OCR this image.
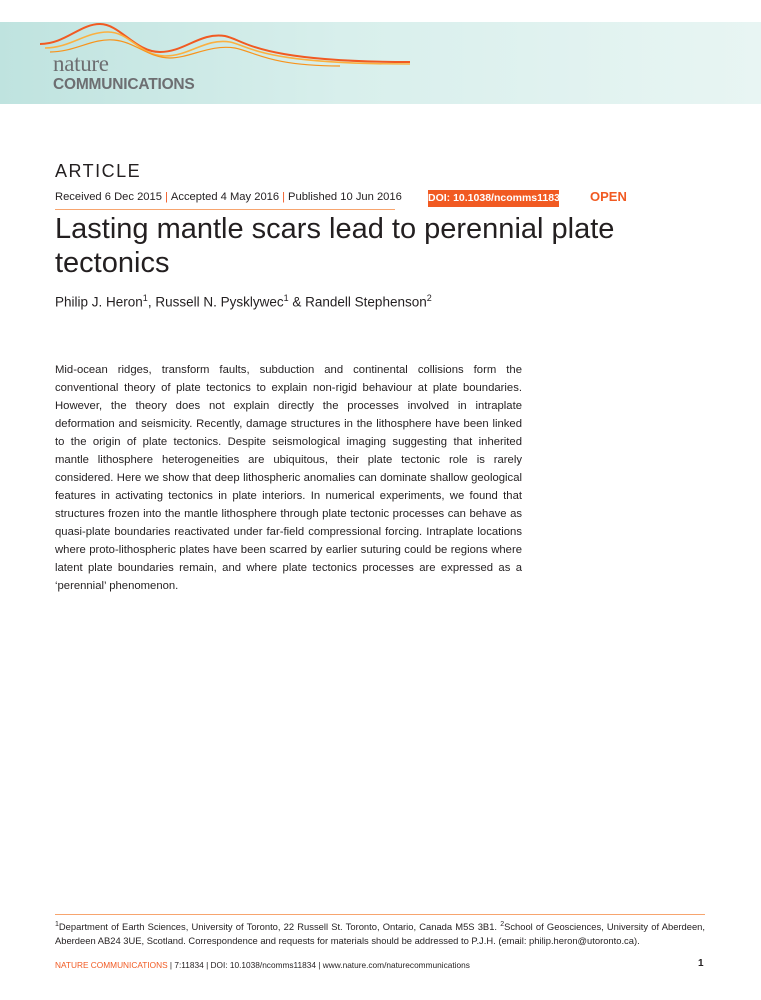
nature
COMMUNICATIONS
ARTICLE
Received 6 Dec 2015 | Accepted 4 May 2016 | Published 10 Jun 2016 DOI: 10.1038/ncomms11834 OPEN
Lasting mantle scars lead to perennial plate tectonics
Philip J. Heron$^1$, Russell N. Pysklywec$^1$ & Randell Stephenson$^2$

Mid-ocean ridges, transform faults, subduction and continental collisions form the conventional theory of plate tectonics to explain non-rigid behaviour at plate boundaries. However, the theory does not explain directly the processes involved in intraplate deformation and seismicity. Recently, damage structures in the lithosphere have been linked to the origin of plate tectonics. Despite seismological imaging suggesting that inherited mantle lithosphere heterogeneities are ubiquitous, their plate tectonic role is rarely considered. Here we show that deep lithospheric anomalies can dominate shallow geological features in activating tectonics in plate interiors. In numerical experiments, we found that structures frozen into the mantle lithosphere through plate tectonic processes can behave as quasi-plate boundaries reactivated under far-field compressional forcing. Intraplate locations where proto-lithospheric plates have been scarred by earlier suturing could be regions where latent plate boundaries remain, and where plate tectonics processes are expressed as a ‘perennial’ phenomenon.

$^1$Department of Earth Sciences, University of Toronto, 22 Russell St. Toronto, Ontario, Canada M5S 3B1. $^2$School of Geosciences, University of Aberdeen, Aberdeen AB24 3UE, Scotland. Correspondence and requests for materials should be addressed to P.J.H. (email: philip.heron@utoronto.ca).
NATURE COMMUNICATIONS | 7:11834 | DOI: 10.1038/ncomms11834 | www.nature.com/naturecommunications	1
